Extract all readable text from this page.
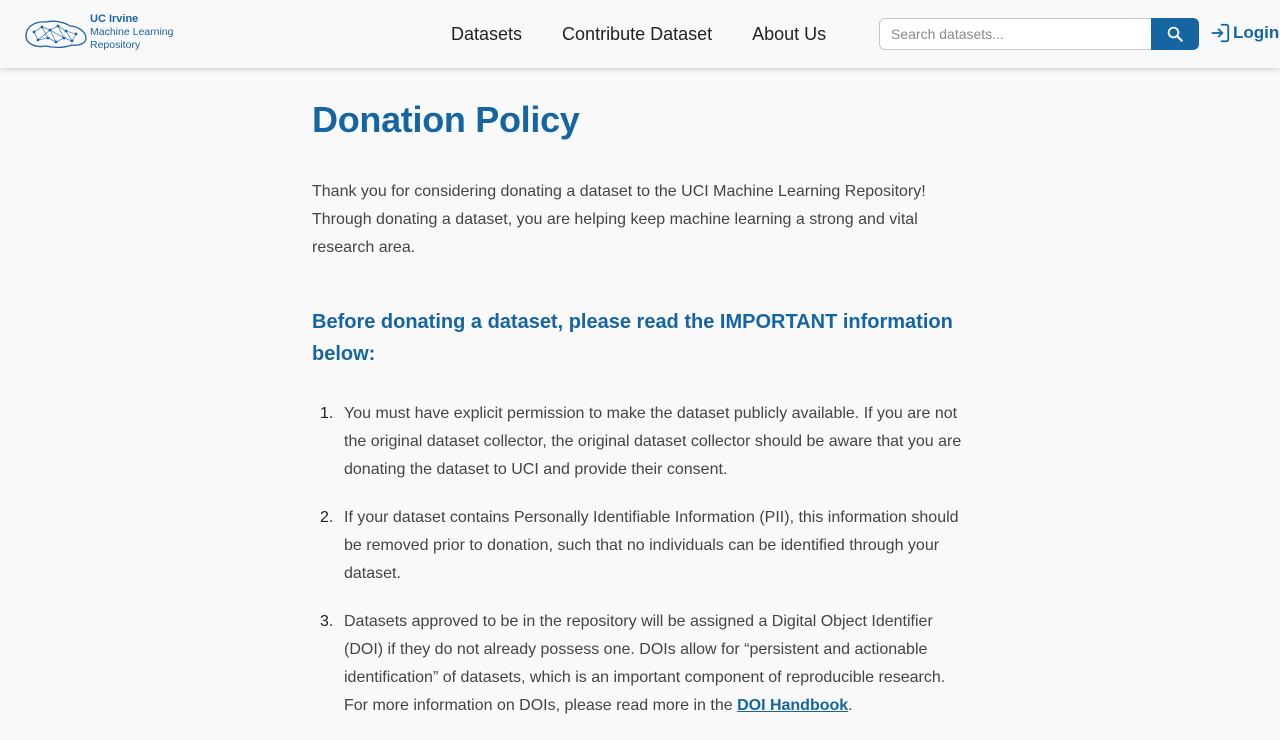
UC Irvine
Machine Learning
Repository
Datasets Contribute Dataset About Us
Search datasets...	Login
Donation Policy

Thank you for considering donating a dataset to the UCI Machine Learning Repository! Through donating a dataset, you are helping keep machine learning a strong and vital research area.

Before donating a dataset, please read the IMPORTANT information below:
1. You must have explicit permission to make the dataset publicly available. If you are not the original dataset collector, the original dataset collector should be aware that you are donating the dataset to UCI and provide their consent.
2. If your dataset contains Personally Identifiable Information (PII), this information should be removed prior to donation, such that no individuals can be identified through your dataset.
3. Datasets approved to be in the repository will be assigned a Digital Object Identifier (DOI) if they do not already possess one. DOIs allow for “persistent and actionable identification” of datasets, which is an important component of reproducible research. For more information on DOIs, please read more in the DOI Handbook.
